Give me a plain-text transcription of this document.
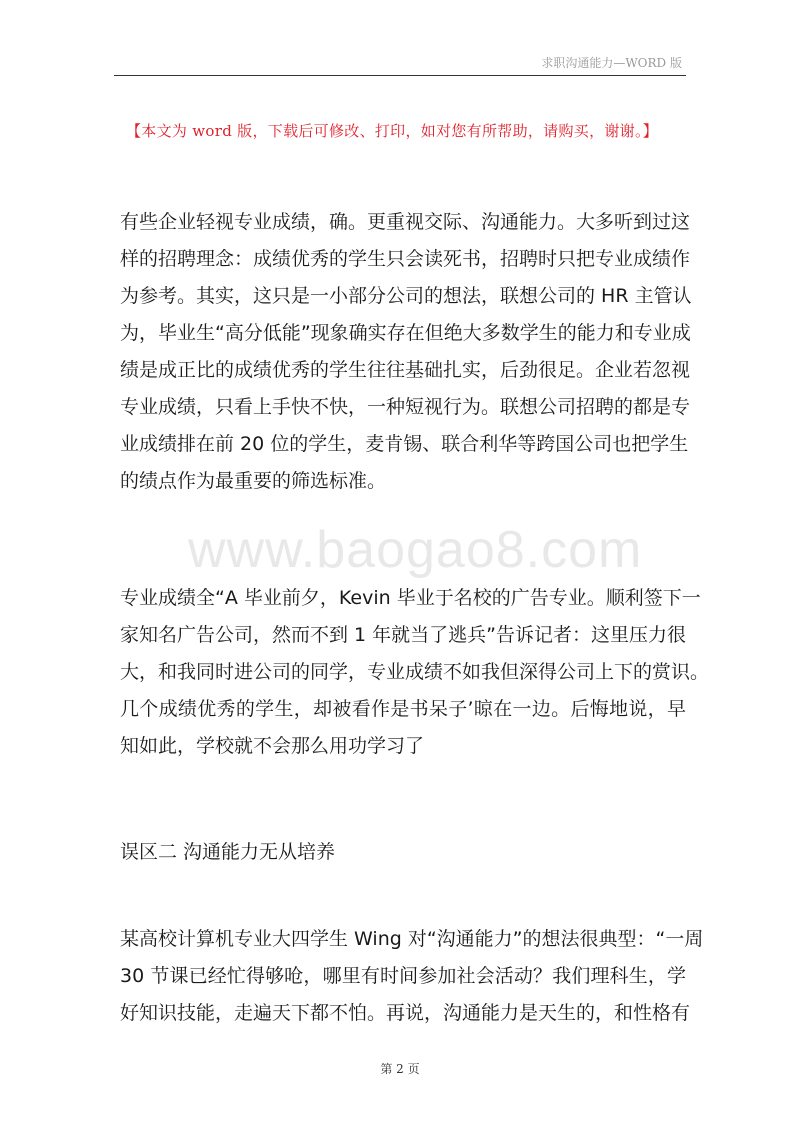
求职沟通能力—WORD 版
【本文为 word 版，下载后可修改、打印，如对您有所帮助，请购买，谢谢。】
www.baogao8.com
有些企业轻视专业成绩，确。更重视交际、沟通能力。大多听到过这
样的招聘理念：成绩优秀的学生只会读死书，招聘时只把专业成绩作
为参考。其实，这只是一小部分公司的想法，联想公司的 HR 主管认
为，毕业生“高分低能”现象确实存在但绝大多数学生的能力和专业成
绩是成正比的成绩优秀的学生往往基础扎实，后劲很足。企业若忽视
专业成绩，只看上手快不快，一种短视行为。联想公司招聘的都是专
业成绩排在前 20 位的学生，麦肯锡、联合利华等跨国公司也把学生
的绩点作为最重要的筛选标准。
专业成绩全“A 毕业前夕，Kevin 毕业于名校的广告专业。顺利签下一
家知名广告公司，然而不到 1 年就当了逃兵”告诉记者：这里压力很
大，和我同时进公司的同学，专业成绩不如我但深得公司上下的赏识。
几个成绩优秀的学生，却被看作是书呆子’晾在一边。后悔地说，早
知如此，学校就不会那么用功学习了
误区二 沟通能力无从培养
某高校计算机专业大四学生 Wing 对“沟通能力”的想法很典型：“一周
30 节课已经忙得够呛，哪里有时间参加社会活动？我们理科生，学
好知识技能，走遍天下都不怕。再说，沟通能力是天生的，和性格有
第 2 页
